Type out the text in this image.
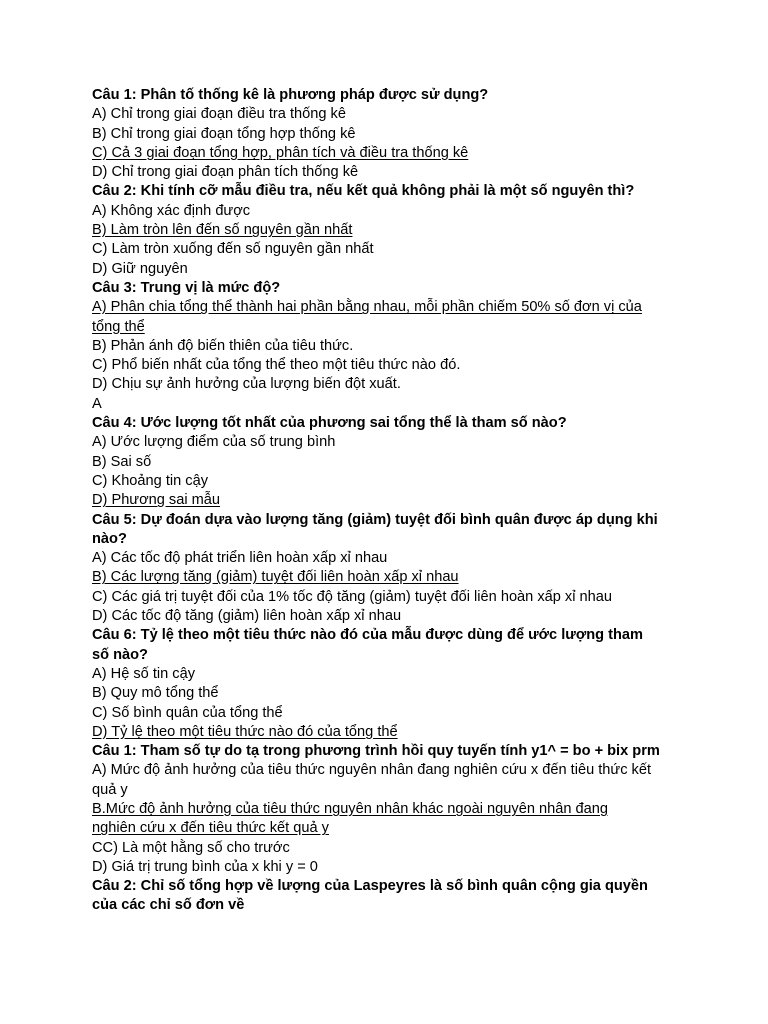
Câu 1: Phân tố thống kê là phương pháp được sử dụng?
A) Chỉ trong giai đoạn điều tra thống kê
B) Chỉ trong giai đoạn tổng hợp thống kê
C) Cả 3 giai đoạn tổng hợp, phân tích và điều tra thống kê
D) Chỉ trong giai đoạn phân tích thống kê
Câu 2: Khi tính cỡ mẫu điều tra, nếu kết quả không phải là một số nguyên thì?
A) Không xác định được
B) Làm tròn lên đến số nguyên gần nhất
C) Làm tròn xuống đến số nguyên gần nhất
D) Giữ nguyên
Câu 3: Trung vị là mức độ?
A) Phân chia tổng thể thành hai phần bằng nhau, mỗi phần chiếm 50% số đơn vị của tổng thể
B) Phản ánh độ biến thiên của tiêu thức.
C) Phổ biến nhất của tổng thể theo một tiêu thức nào đó.
D) Chịu sự ảnh hưởng của lượng biến đột xuất.
A
Câu 4: Ước lượng tốt nhất của phương sai tổng thể là tham số nào?
A) Ước lượng điểm của số trung bình
B) Sai số
C) Khoảng tin cậy
D) Phương sai mẫu
Câu 5: Dự đoán dựa vào lượng tăng (giảm) tuyệt đối bình quân được áp dụng khi nào?
A) Các tốc độ phát triển liên hoàn xấp xỉ nhau
B) Các lượng tăng (giảm) tuyệt đối liên hoàn xấp xỉ nhau
C) Các giá trị tuyệt đối của 1% tốc độ tăng (giảm) tuyệt đối liên hoàn xấp xỉ nhau
D) Các tốc độ tăng (giảm) liên hoàn xấp xỉ nhau
Câu 6: Tỷ lệ theo một tiêu thức nào đó của mẫu được dùng để ước lượng tham số nào?
A) Hệ số tin cậy
B) Quy mô tổng thể
C) Số bình quân của tổng thể
D) Tỷ lệ theo một tiêu thức nào đó của tổng thể
Câu 1: Tham số tự do tạ trong phương trình hồi quy tuyến tính y1^ = bo + bix prm
A) Mức độ ảnh hưởng của tiêu thức nguyên nhân đang nghiên cứu x đến tiêu thức kết quả y
B.Mức độ ảnh hưởng của tiêu thức nguyên nhân khác ngoài nguyên nhân đang nghiên cứu x đến tiêu thức kết quả y
CC) Là một hằng số cho trước
D) Giá trị trung bình của x khi y = 0
Câu 2: Chỉ số tổng hợp về lượng của Laspeyres là số bình quân cộng gia quyền của các chỉ số đơn về
